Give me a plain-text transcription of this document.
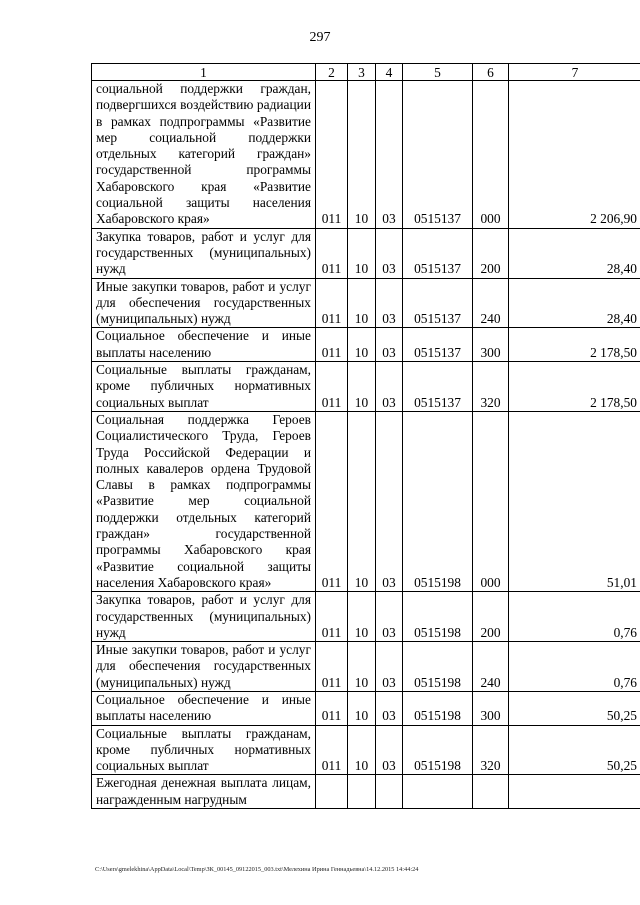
297
1	2	3	4	5	6	7
социальной поддержки граждан, подвергшихся воздействию радиации в рамках подпрограммы «Развитие мер социальной поддержки отдельных категорий граждан» государственной программы Хабаровского края «Развитие социальной защиты населения Хабаровского края»	011	10	03	0515137	000	2 206,90
Закупка товаров, работ и услуг для государственных (муниципальных) нужд	011	10	03	0515137	200	28,40
Иные закупки товаров, работ и услуг для обеспечения государственных (муниципальных) нужд	011	10	03	0515137	240	28,40
Социальное обеспечение и иные выплаты населению	011	10	03	0515137	300	2 178,50
Социальные выплаты гражданам, кроме публичных нормативных социальных выплат	011	10	03	0515137	320	2 178,50
Социальная поддержка Героев Социалистического Труда, Героев Труда Российской Федерации и полных кавалеров ордена Трудовой Славы в рамках подпрограммы «Развитие мер социальной поддержки отдельных категорий граждан» государственной программы Хабаровского края «Развитие социальной защиты населения Хабаровского края»	011	10	03	0515198	000	51,01
Закупка товаров, работ и услуг для государственных (муниципальных) нужд	011	10	03	0515198	200	0,76
Иные закупки товаров, работ и услуг для обеспечения государственных (муниципальных) нужд	011	10	03	0515198	240	0,76
Социальное обеспечение и иные выплаты населению	011	10	03	0515198	300	50,25
Социальные выплаты гражданам, кроме публичных нормативных социальных выплат	011	10	03	0515198	320	50,25
Ежегодная денежная выплата лицам, награжденным нагрудным						
C:\Users\gmelekhina\AppData\Local\Temp\ЗК_00145_09122015_003.txt\Мелехина Ирина Геннадьевна\14.12.2015 14:44:24
